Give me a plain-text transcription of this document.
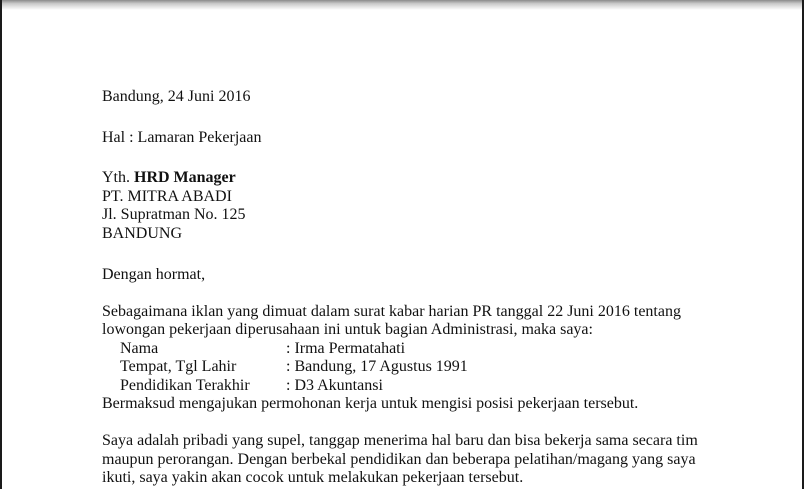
Bandung, 24 Juni 2016
Hal : Lamaran Pekerjaan
Yth. HRD Manager
PT. MITRA ABADI
Jl. Supratman No. 125
BANDUNG
Dengan hormat,
Sebagaimana iklan yang dimuat dalam surat kabar harian PR tanggal 22 Juni 2016 tentang
lowongan pekerjaan diperusahaan ini untuk bagian Administrasi, maka saya:
Nama	: Irma Permatahati
Tempat, Tgl Lahir	: Bandung, 17 Agustus 1991
Pendidikan Terakhir	: D3 Akuntansi
Bermaksud mengajukan permohonan kerja untuk mengisi posisi pekerjaan tersebut.
Saya adalah pribadi yang supel, tanggap menerima hal baru dan bisa bekerja sama secara tim
maupun perorangan. Dengan berbekal pendidikan dan beberapa pelatihan/magang yang saya
ikuti, saya yakin akan cocok untuk melakukan pekerjaan tersebut.
